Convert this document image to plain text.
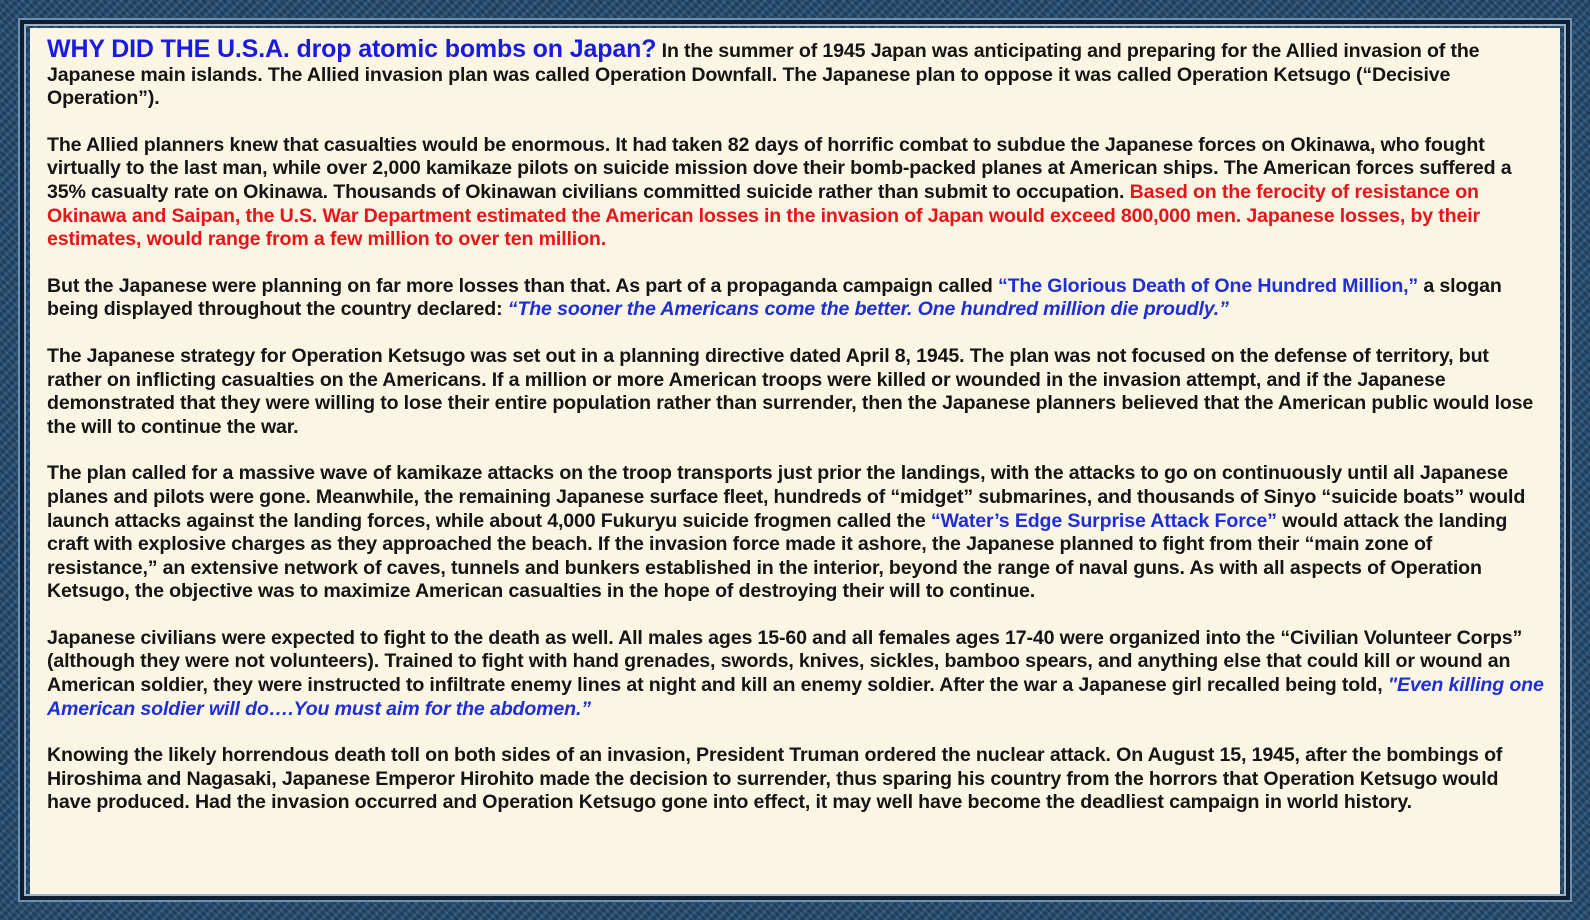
WHY DID THE U.S.A. drop atomic bombs on Japan? In the summer of 1945 Japan was anticipating and preparing for the Allied invasion of the Japanese main islands. The Allied invasion plan was called Operation Downfall. The Japanese plan to oppose it was called Operation Ketsugo (“Decisive Operation”).

The Allied planners knew that casualties would be enormous. It had taken 82 days of horrific combat to subdue the Japanese forces on Okinawa, who fought virtually to the last man, while over 2,000 kamikaze pilots on suicide mission dove their bomb-packed planes at American ships. The American forces suffered a 35% casualty rate on Okinawa. Thousands of Okinawan civilians committed suicide rather than submit to occupation. Based on the ferocity of resistance on Okinawa and Saipan, the U.S. War Department estimated the American losses in the invasion of Japan would exceed 800,000 men. Japanese losses, by their estimates, would range from a few million to over ten million.

But the Japanese were planning on far more losses than that. As part of a propaganda campaign called “The Glorious Death of One Hundred Million,” a slogan being displayed throughout the country declared: “The sooner the Americans come the better. One hundred million die proudly.”

The Japanese strategy for Operation Ketsugo was set out in a planning directive dated April 8, 1945. The plan was not focused on the defense of territory, but rather on inflicting casualties on the Americans. If a million or more American troops were killed or wounded in the invasion attempt, and if the Japanese demonstrated that they were willing to lose their entire population rather than surrender, then the Japanese planners believed that the American public would lose the will to continue the war.

The plan called for a massive wave of kamikaze attacks on the troop transports just prior the landings, with the attacks to go on continuously until all Japanese planes and pilots were gone. Meanwhile, the remaining Japanese surface fleet, hundreds of “midget” submarines, and thousands of Sinyo “suicide boats” would launch attacks against the landing forces, while about 4,000 Fukuryu suicide frogmen called the “Water’s Edge Surprise Attack Force” would attack the landing craft with explosive charges as they approached the beach. If the invasion force made it ashore, the Japanese planned to fight from their “main zone of resistance,” an extensive network of caves, tunnels and bunkers established in the interior, beyond the range of naval guns. As with all aspects of Operation Ketsugo, the objective was to maximize American casualties in the hope of destroying their will to continue.

Japanese civilians were expected to fight to the death as well. All males ages 15-60 and all females ages 17-40 were organized into the “Civilian Volunteer Corps” (although they were not volunteers). Trained to fight with hand grenades, swords, knives, sickles, bamboo spears, and anything else that could kill or wound an American soldier, they were instructed to infiltrate enemy lines at night and kill an enemy soldier. After the war a Japanese girl recalled being told, "Even killing one American soldier will do….You must aim for the abdomen.”

Knowing the likely horrendous death toll on both sides of an invasion, President Truman ordered the nuclear attack. On August 15, 1945, after the bombings of Hiroshima and Nagasaki, Japanese Emperor Hirohito made the decision to surrender, thus sparing his country from the horrors that Operation Ketsugo would have produced. Had the invasion occurred and Operation Ketsugo gone into effect, it may well have become the deadliest campaign in world history.
